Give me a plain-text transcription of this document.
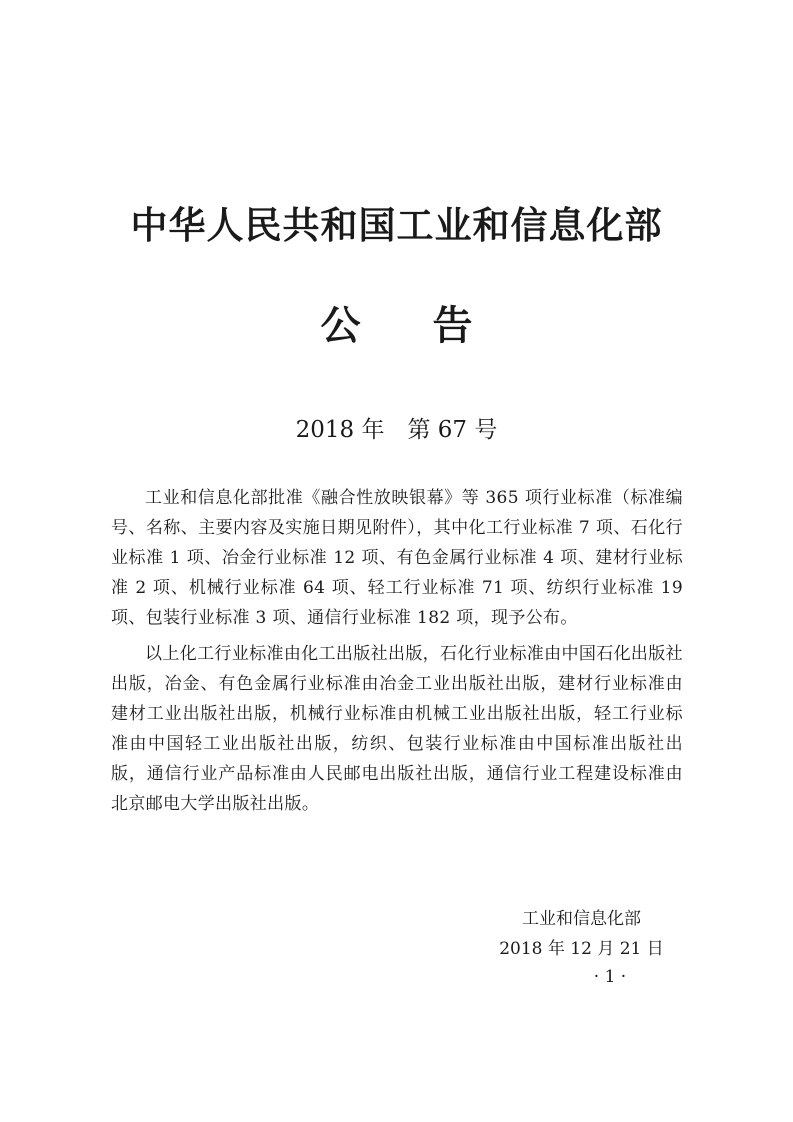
中华人民共和国工业和信息化部
公告
2018 年　第 67 号

工业和信息化部批准《融合性放映银幕》等 365 项行业标准（标准编号、名称、主要内容及实施日期见附件），其中化工行业标准 7 项、石化行业标准 1 项、冶金行业标准 12 项、有色金属行业标准 4 项、建材行业标准 2 项、机械行业标准 64 项、轻工行业标准 71 项、纺织行业标准 19 项、包装行业标准 3 项、通信行业标准 182 项，现予公布。

以上化工行业标准由化工出版社出版，石化行业标准由中国石化出版社出版，冶金、有色金属行业标准由冶金工业出版社出版，建材行业标准由建材工业出版社出版，机械行业标准由机械工业出版社出版，轻工行业标准由中国轻工业出版社出版，纺织、包装行业标准由中国标准出版社出版，通信行业产品标准由人民邮电出版社出版，通信行业工程建设标准由北京邮电大学出版社出版。

工业和信息化部
2018 年 12 月 21 日
· 1 ·
